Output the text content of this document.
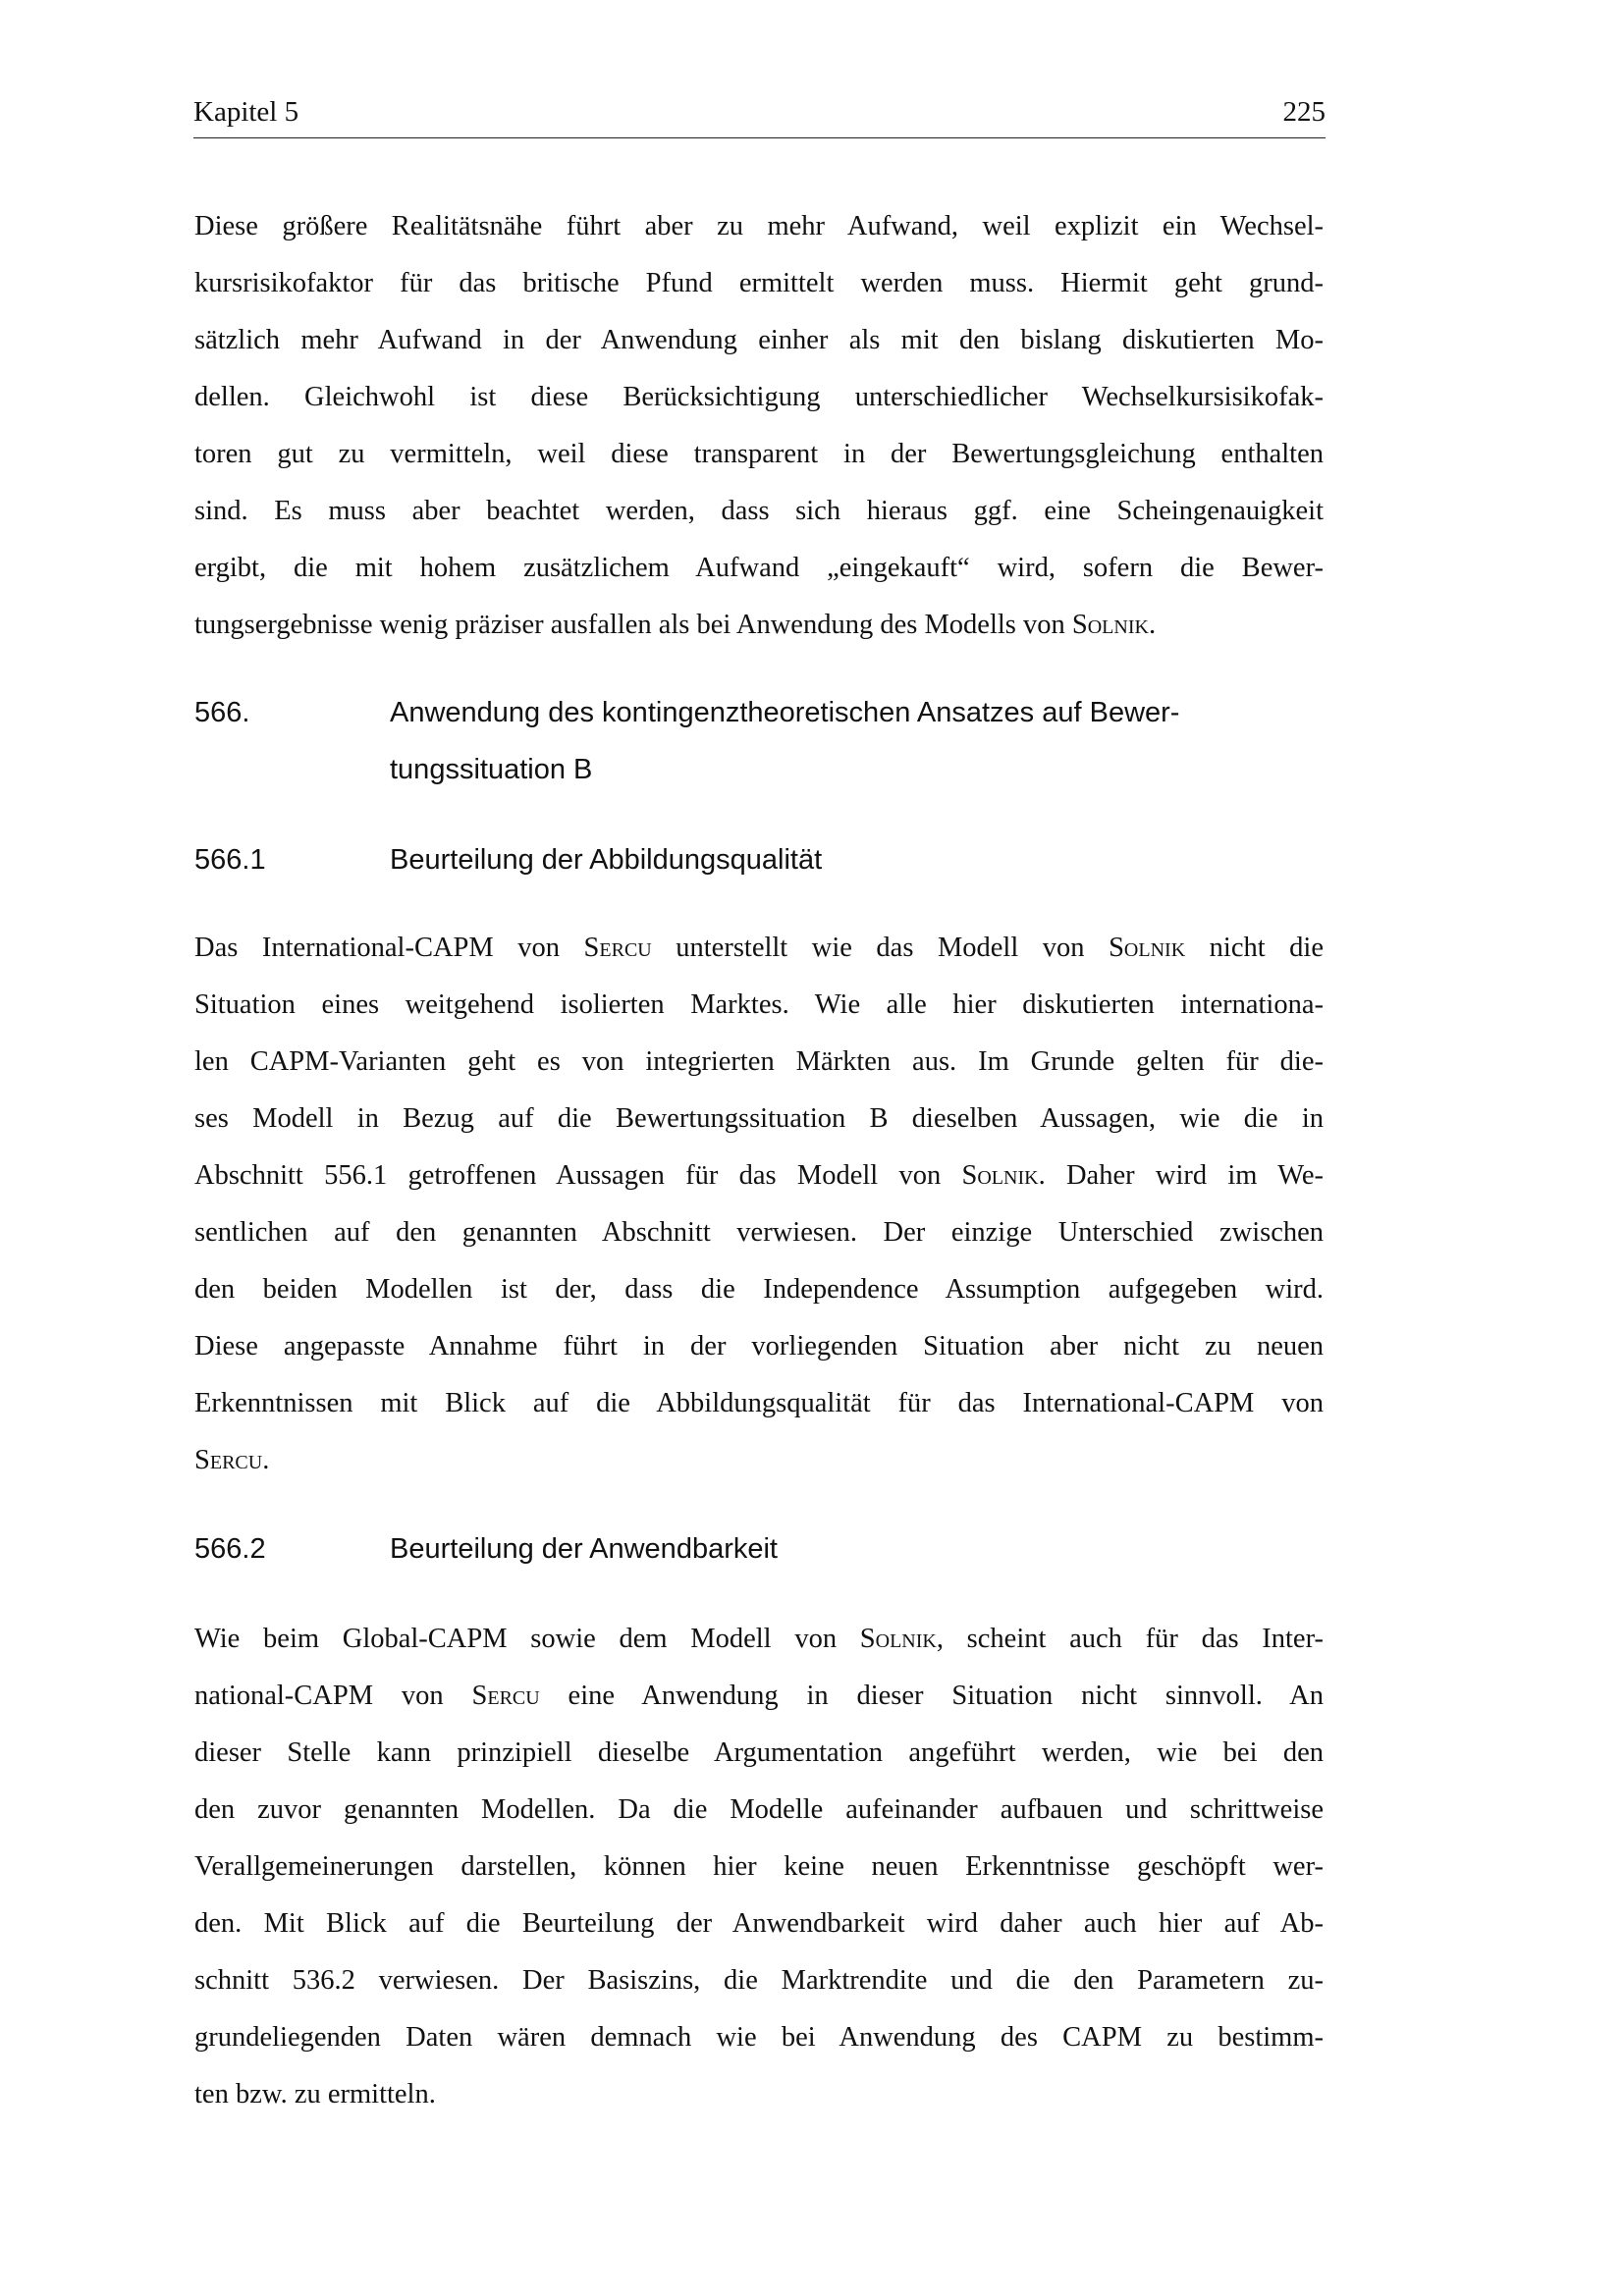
Kapitel 5	225
Diese größere Realitätsnähe führt aber zu mehr Aufwand, weil explizit ein Wechsel-
kursrisikofaktor für das britische Pfund ermittelt werden muss. Hiermit geht grund-
sätzlich mehr Aufwand in der Anwendung einher als mit den bislang diskutierten Mo-
dellen. Gleichwohl ist diese Berücksichtigung unterschiedlicher Wechselkursisikofak-
toren gut zu vermitteln, weil diese transparent in der Bewertungsgleichung enthalten
sind. Es muss aber beachtet werden, dass sich hieraus ggf. eine Scheingenauigkeit
ergibt, die mit hohem zusätzlichem Aufwand „eingekauft“ wird, sofern die Bewer-
tungsergebnisse wenig präziser ausfallen als bei Anwendung des Modells von Solnik.
566.	Anwendung des kontingenztheoretischen Ansatzes auf Bewer-
tungssituation B
566.1	Beurteilung der Abbildungsqualität
Das International-CAPM von Sercu unterstellt wie das Modell von Solnik nicht die
Situation eines weitgehend isolierten Marktes. Wie alle hier diskutierten internationa-
len CAPM-Varianten geht es von integrierten Märkten aus. Im Grunde gelten für die-
ses Modell in Bezug auf die Bewertungssituation B dieselben Aussagen, wie die in
Abschnitt 556.1 getroffenen Aussagen für das Modell von Solnik. Daher wird im We-
sentlichen auf den genannten Abschnitt verwiesen. Der einzige Unterschied zwischen
den beiden Modellen ist der, dass die Independence Assumption aufgegeben wird.
Diese angepasste Annahme führt in der vorliegenden Situation aber nicht zu neuen
Erkenntnissen mit Blick auf die Abbildungsqualität für das International-CAPM von
Sercu.
566.2	Beurteilung der Anwendbarkeit
Wie beim Global-CAPM sowie dem Modell von Solnik, scheint auch für das Inter-
national-CAPM von Sercu eine Anwendung in dieser Situation nicht sinnvoll. An
dieser Stelle kann prinzipiell dieselbe Argumentation angeführt werden, wie bei den
den zuvor genannten Modellen. Da die Modelle aufeinander aufbauen und schrittweise
Verallgemeinerungen darstellen, können hier keine neuen Erkenntnisse geschöpft wer-
den. Mit Blick auf die Beurteilung der Anwendbarkeit wird daher auch hier auf Ab-
schnitt 536.2 verwiesen. Der Basiszins, die Marktrendite und die den Parametern zu-
grundeliegenden Daten wären demnach wie bei Anwendung des CAPM zu bestimm-
ten bzw. zu ermitteln.
